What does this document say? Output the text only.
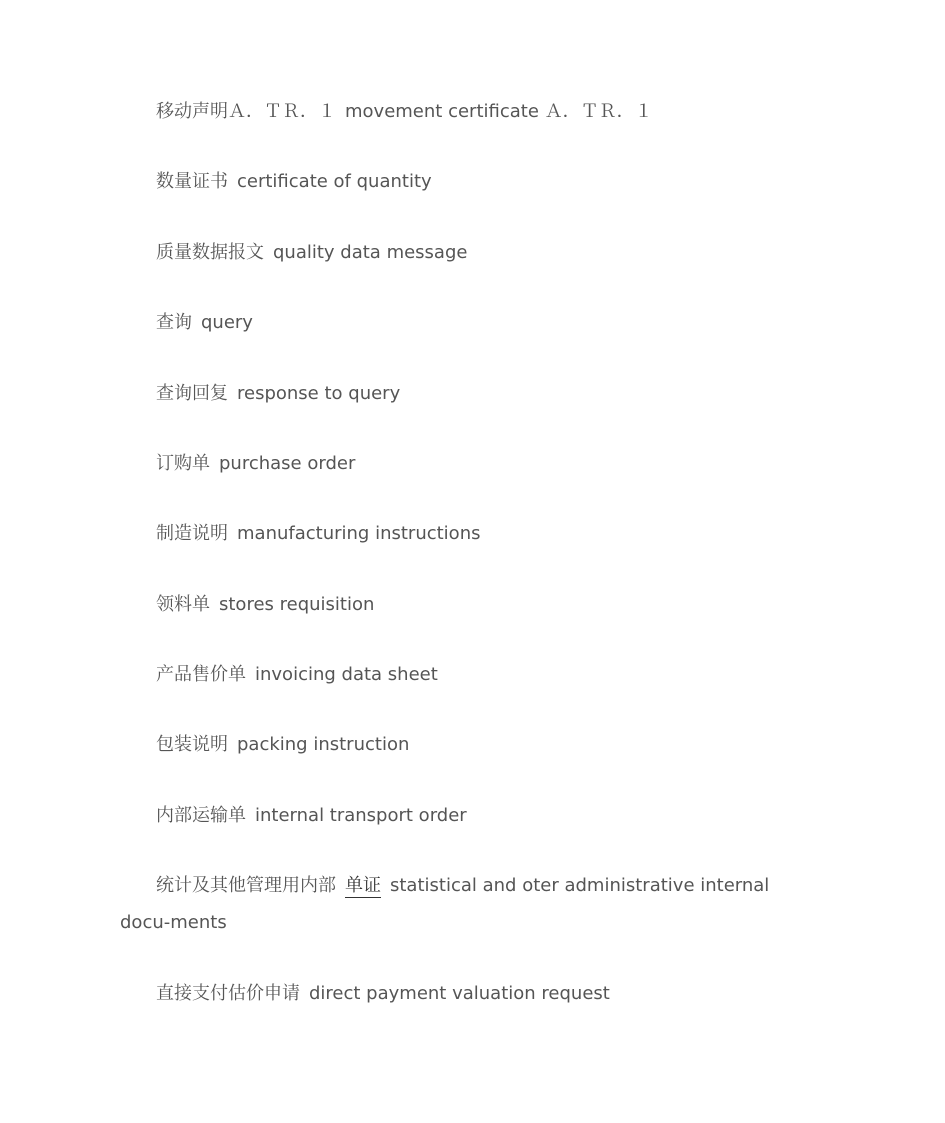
移动声明Ａ．ＴＲ．１ movement certificate Ａ．ＴＲ．１

数量证书 certificate of quantity

质量数据报文 quality data message

查询 query

查询回复 response to query

订购单 purchase order

制造说明 manufacturing instructions

领料单 stores requisition

产品售价单 invoicing data sheet

包装说明 packing instruction

内部运输单 internal transport order

统计及其他管理用内部 单证 statistical and oter administrative internal docu-ments

直接支付估价申请 direct payment valuation request
